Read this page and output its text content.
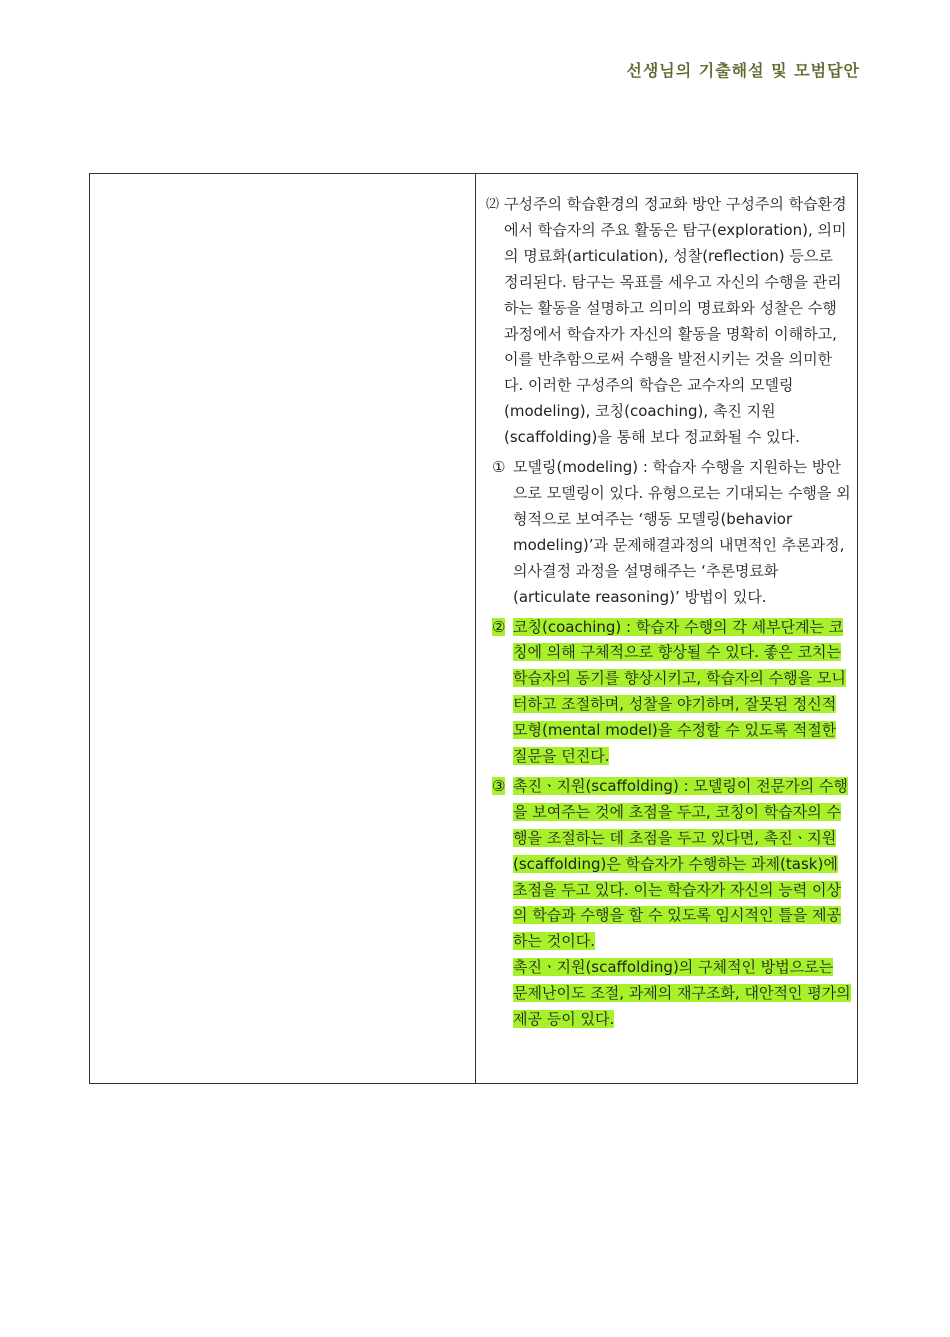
선생님의 기출해설 및 모범답안
⑵ 구성주의 학습환경의 정교화 방안 구성주의 학습환경에서 학습자의 주요 활동은 탐구(exploration), 의미의 명료화(articulation), 성찰(reflection) 등으로 정리된다. 탐구는 목표를 세우고 자신의 수행을 관리하는 활동을 설명하고 의미의 명료화와 성찰은 수행과정에서 학습자가 자신의 활동을 명확히 이해하고, 이를 반추함으로써 수행을 발전시키는 것을 의미한다. 이러한 구성주의 학습은 교수자의 모델링(modeling), 코칭(coaching), 촉진 지원(scaffolding)을 통해 보다 정교화될 수 있다.
① 모델링(modeling) : 학습자 수행을 지원하는 방안으로 모델링이 있다. 유형으로는 기대되는 수행을 외형적으로 보여주는 ‘행동 모델링(behavior modeling)’과 문제해결과정의 내면적인 추론과정, 의사결정 과정을 설명해주는 ‘추론명료화(articulate reasoning)’ 방법이 있다.
② 코칭(coaching) : 학습자 수행의 각 세부단계는 코칭에 의해 구체적으로 향상될 수 있다. 좋은 코치는 학습자의 동기를 향상시키고, 학습자의 수행을 모니터하고 조절하며, 성찰을 야기하며, 잘못된 정신적 모형(mental model)을 수정할 수 있도록 적절한 질문을 던진다.
③ 촉진ㆍ지원(scaffolding) : 모델링이 전문가의 수행을 보여주는 것에 초점을 두고, 코칭이 학습자의 수행을 조절하는 데 초점을 두고 있다면, 촉진ㆍ지원(scaffolding)은 학습자가 수행하는 과제(task)에 초점을 두고 있다. 이는 학습자가 자신의 능력 이상의 학습과 수행을 할 수 있도록 임시적인 틀을 제공하는 것이다.
촉진ㆍ지원(scaffolding)의 구체적인 방법으로는 문제난이도 조절, 과제의 재구조화, 대안적인 평가의 제공 등이 있다.
